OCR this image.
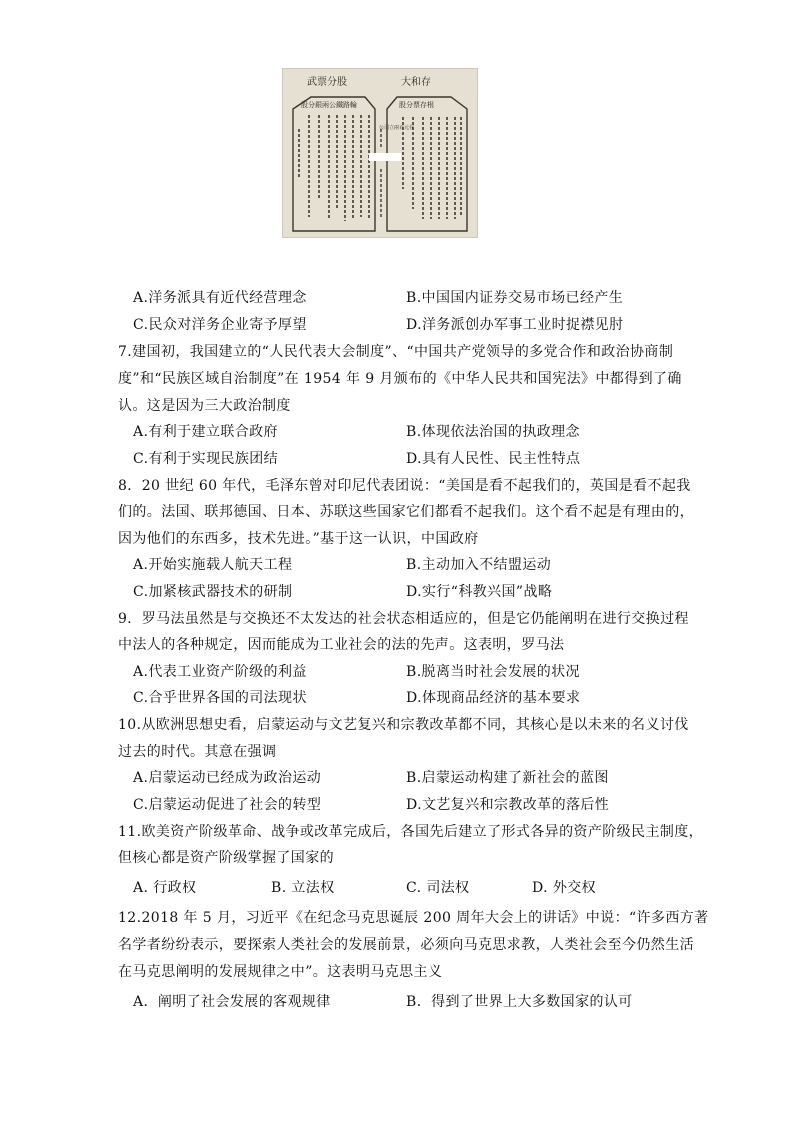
武票分股	大和存
股分銀兩公鐵路輪	股分票存根
公司立兩百元存
A.洋务派具有近代经营理念	B.中国国内证券交易市场已经产生
C.民众对洋务企业寄予厚望	D.洋务派创办军事工业时捉襟见肘
7.建国初，我国建立的“人民代表大会制度”、“中国共产党领导的多党合作和政治协商制
度”和“民族区域自治制度”在 1954 年 9 月颁布的《中华人民共和国宪法》中都得到了确
认。这是因为三大政治制度
A.有利于建立联合政府	B.体现依法治国的执政理念
C.有利于实现民族团结	D.具有人民性、民主性特点
8．20 世纪 60 年代，毛泽东曾对印尼代表团说：“美国是看不起我们的，英国是看不起我
们的。法国、联邦德国、日本、苏联这些国家它们都看不起我们。这个看不起是有理由的，
因为他们的东西多，技术先进。”基于这一认识，中国政府
A.开始实施载人航天工程	B.主动加入不结盟运动
C.加紧核武器技术的研制	D.实行“科教兴国”战略
9．罗马法虽然是与交换还不太发达的社会状态相适应的，但是它仍能阐明在进行交换过程
中法人的各种规定，因而能成为工业社会的法的先声。这表明，罗马法
A.代表工业资产阶级的利益	B.脱离当时社会发展的状况
C.合乎世界各国的司法现状	D.体现商品经济的基本要求
10.从欧洲思想史看，启蒙运动与文艺复兴和宗教改革都不同，其核心是以未来的名义讨伐
过去的时代。其意在强调
A.启蒙运动已经成为政治运动	B.启蒙运动构建了新社会的蓝图
C.启蒙运动促进了社会的转型	D.文艺复兴和宗教改革的落后性
11.欧美资产阶级革命、战争或改革完成后，各国先后建立了形式各异的资产阶级民主制度，
但核心都是资产阶级掌握了国家的
A. 行政权	B. 立法权	C. 司法权	D. 外交权
12.2018 年 5 月，习近平《在纪念马克思诞辰 200 周年大会上的讲话》中说：“许多西方著
名学者纷纷表示，要探索人类社会的发展前景，必须向马克思求教，人类社会至今仍然生活
在马克思阐明的发展规律之中”。这表明马克思主义
A．阐明了社会发展的客观规律	B．得到了世界上大多数国家的认可
